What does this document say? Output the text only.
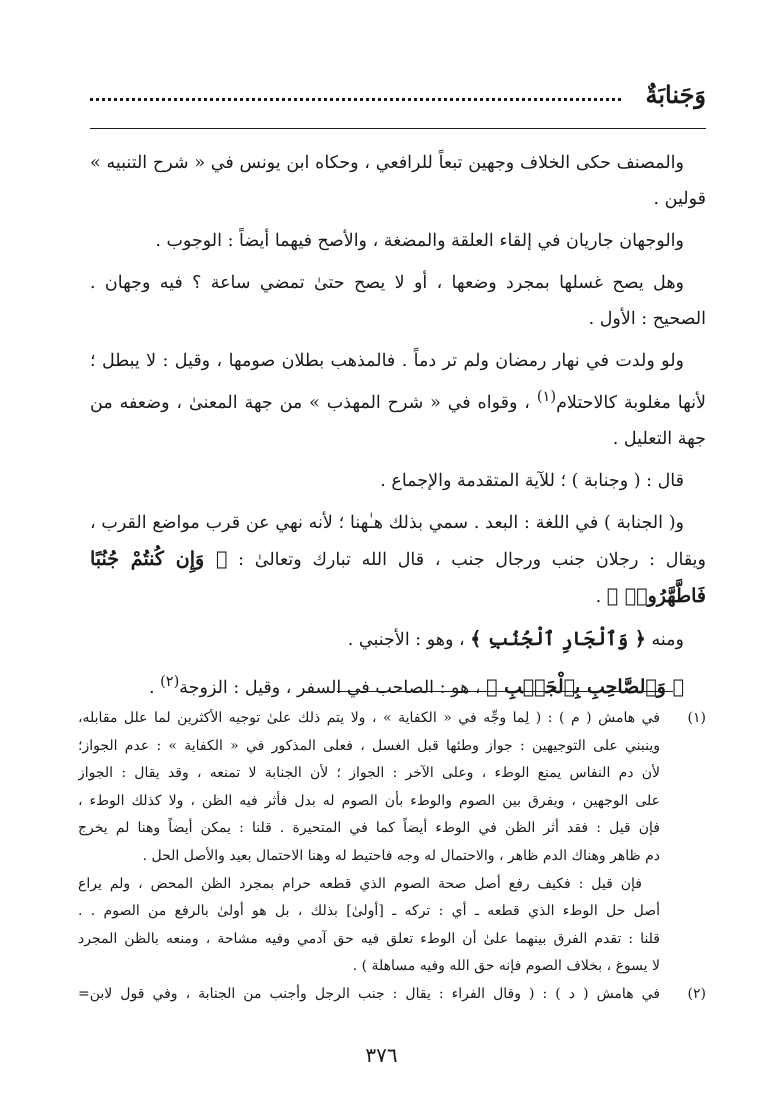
وَجَنابَةٌ

والمصنف حكى الخلاف وجهين تبعاً للرافعي ، وحكاه ابن يونس في « شرح التنبيه » قولين .

والوجهان جاريان في إلقاء العلقة والمضغة ، والأصح فيهما أيضاً : الوجوب .

وهل يصح غسلها بمجرد وضعها ، أو لا يصح حتىٰ تمضي ساعة ؟ فيه وجهان . الصحيح : الأول .

ولو ولدت في نهار رمضان ولم تر دماً . فالمذهب بطلان صومها ، وقيل : لا يبطل ؛ لأنها مغلوبة كالاحتلام$^{(١)}$ ، وقواه في « شرح المهذب » من جهة المعنىٰ ، وضعفه من جهة التعليل .

قال : ( وجنابة ) ؛ للآية المتقدمة والإجماع .

و( الجنابة ) في اللغة : البعد . سمي بذلك هـٰهنا ؛ لأنه نهي عن قرب مواضع القرب ، ويقال : رجلان جنب ورجال جنب ، قال الله تبارك وتعالىٰ : ﴿ وَإِن كُنتُمْ جُنُبًا فَاطَّهَّرُوا۟ ﴾ .

ومنه ﴿ وَٱلْجَارِ ٱلْجُنُبِ ﴾ ، وهو : الأجنبي .

﴿ وَٱلصَّاحِبِ بِٱلْجَنۢبِ ﴾ ، هو : الصاحب في السفر ، وقيل : الزوجة$^{(٢)}$ .

(١)
في هامش ( م ) : ( لِما وجِّه في « الكفاية » ، ولا يتم ذلك علىٰ توجيه الأكثرين لما علل مقابله،
وينبني على التوجيهين : جواز وطئها قبل الغسل ، فعلى المذكور في « الكفاية » : عدم الجواز؛
لأن دم النفاس يمنع الوطء ، وعلى الآخر : الجواز ؛ لأن الجنابة لا تمنعه ، وقد يقال : الجواز
على الوجهين ، ويفرق بين الصوم والوطء بأن الصوم له بدل فأثر فيه الظن ، ولا كذلك الوطء ،
فإن قيل : فقد أثر الظن في الوطء أيضاً كما في المتحيرة . قلنا : يمكن أيضاً وهنا لم يخرج
دم ظاهر وهناك الدم ظاهر ، والاحتمال له وجه فاحتيط له وهنا الاحتمال بعيد والأصل الحل .
فإن قيل : فكيف رفع أصل صحة الصوم الذي قطعه حرام بمجرد الظن المحض ، ولم يراع
أصل حل الوطء الذي قطعه ـ أي : تركه ـ [أولىٰ] بذلك ، بل هو أولىٰ بالرفع من الصوم . .
قلنا : تقدم الفرق بينهما علىٰ أن الوطء تعلق فيه حق آدمي وفيه مشاحة ، ومنعه بالظن المجرد
لا يسوغ ، بخلاف الصوم فإنه حق الله وفيه مساهلة ) .
(٢)
في هامش ( د ) : ( وقال الفراء : يقال : جنب الرجل وأجنب من الجنابة ، وفي قول لابن=
٣٧٦
